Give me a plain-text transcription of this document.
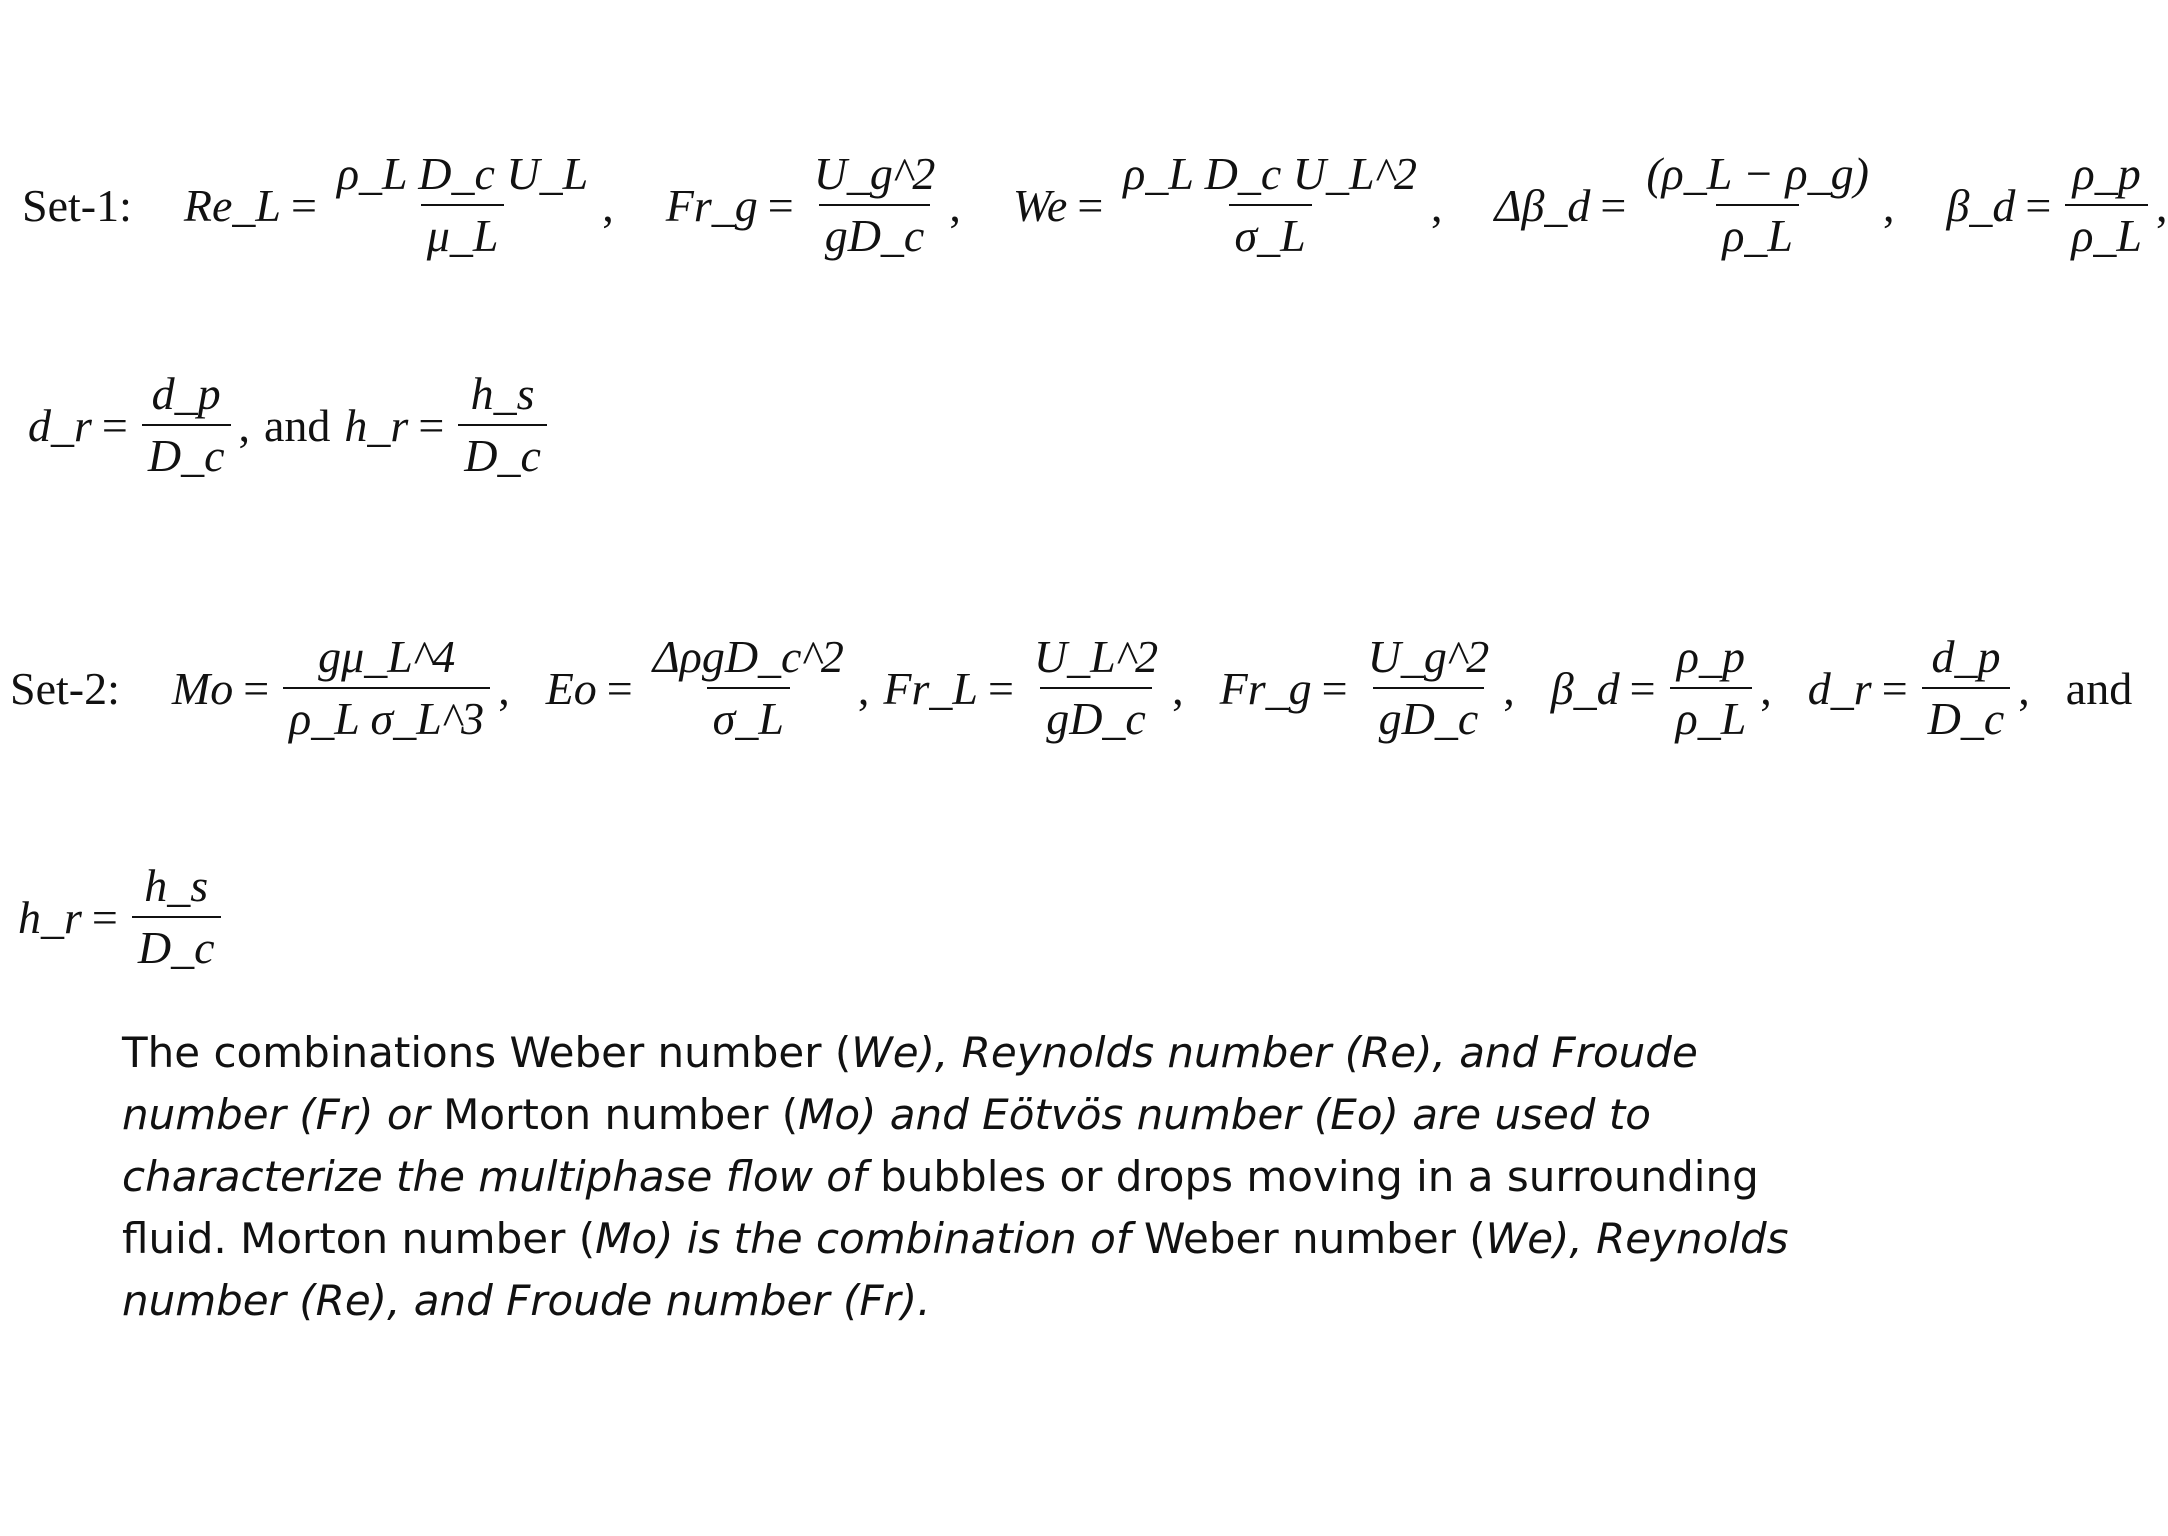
Set-1: Re_L = $\frac{\text{ρ\_L D\_c U\_L}}{\mu\_L}$ , Fr_g = $\frac{U\_g\^{}2}{gD\_c}$ , $We = \frac{\text{ρ\_L D\_c U\_L\textasciicircum{}2}}{\sigma\_L}$ , Δβ_d = $\frac{(\rho\_L - \rho\_g)}{\rho\_L}$ , β_d = $\frac{\rho\_p}{\rho\_L}$ ,
d_r = $\frac{d\_p}{D\_c}$ , and h_r = $\frac{h\_s}{D\_c}$
Set-2: $Mo = \frac{g\mu\_L\^{}4}{\text{ρ\_L σ\_L\textasciicircum{}3}}$ , $Eo = \frac{\text{ΔρgD\_c\textasciicircum{}2}}{\sigma\_L}$ , Fr_L = $\frac{U\_L\^{}2}{gD\_c}$ , Fr_g = $\frac{U\_g\^{}2}{gD\_c}$ , β_d = $\frac{\rho\_p}{\rho\_L}$ , d_r = $\frac{d\_p}{D\_c}$ , and
h_r = $\frac{h\_s}{D\_c}$

The combinations Weber number (We), Reynolds number (Re), and Froude number (Fr) or Morton number (Mo) and Eötvös number (Eo) are used to characterize the multiphase flow of bubbles or drops moving in a surrounding fluid. Morton number (Mo) is the combination of Weber number (We), Reynolds number (Re), and Froude number (Fr).
